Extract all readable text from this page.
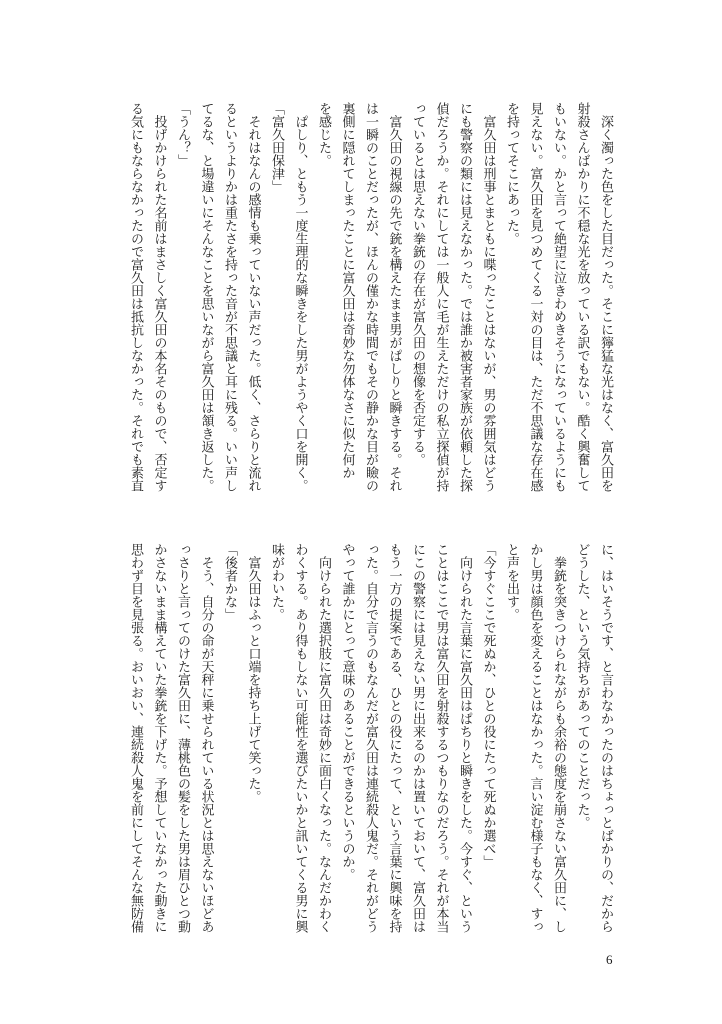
　深く濁った色をした目だった。そこに獰猛な光はなく、富久田を
射殺さんばかりに不穏な光を放っている訳でもない。酷く興奮して
もいない。かと言って絶望に泣きわめきそうになっているようにも
見えない。富久田を見つめてくる一対の目は、ただ不思議な存在感
を持ってそこにあった。
　富久田は刑事とまともに喋ったことはないが、男の雰囲気はどう
にも警察の類には見えなかった。では誰か被害者家族が依頼した探
偵だろうか。それにしては一般人に毛が生えただけの私立探偵が持
っているとは思えない拳銃の存在が富久田の想像を否定する。
　富久田の視線の先で銃を構えたまま男がぱしりと瞬きする。それ
は一瞬のことだったが、ほんの僅かな時間でもその静かな目が瞼の
裏側に隠れてしまったことに富久田は奇妙な勿体なさに似た何か
を感じた。
　ぱしり、ともう一度生理的な瞬きをした男がようやく口を開く。
「富久田保津」
　それはなんの感情も乗っていない声だった。低く、さらりと流れ
るというよりかは重たさを持った音が不思議と耳に残る。いい声し
てるな、と場違いにそんなことを思いながら富久田は頷き返した。
「うん？」
　投げかけられた名前はまさしく富久田の本名そのもので、否定す
る気にもならなかったので富久田は抵抗しなかった。それでも素直
に、はいそうです、と言わなかったのはちょっとばかりの、だから
どうした、という気持ちがあってのことだった。
　拳銃を突きつけられながらも余裕の態度を崩さない富久田に、し
かし男は顔色を変えることはなかった。言い淀む様子もなく、すっ
と声を出す。
「今すぐここで死ぬか、ひとの役にたって死ぬか選べ」
　向けられた言葉に富久田はぱちりと瞬きをした。今すぐ、という
ことはここで男は富久田を射殺するつもりなのだろう。それが本当
にこの警察には見えない男に出来るのかは置いておいて、富久田は
もう一方の提案である、ひとの役にたって、という言葉に興味を持
った。自分で言うのもなんだが富久田は連続殺人鬼だ。それがどう
やって誰かにとって意味のあることができるというのか。
　向けられた選択肢に富久田は奇妙に面白くなった。なんだかわく
わくする。あり得もしない可能性を選びたいかと訊いてくる男に興
味がわいた。
　富久田はふっと口端を持ち上げて笑った。
「後者かな」
　そう、自分の命が天秤に乗せられている状況とは思えないほどあ
っさりと言ってのけた富久田に、薄桃色の髪をした男は眉ひとつ動
かさないまま構えていた拳銃を下げた。予想していなかった動きに
思わず目を見張る。おいおい、連続殺人鬼を前にしてそんな無防備
6
